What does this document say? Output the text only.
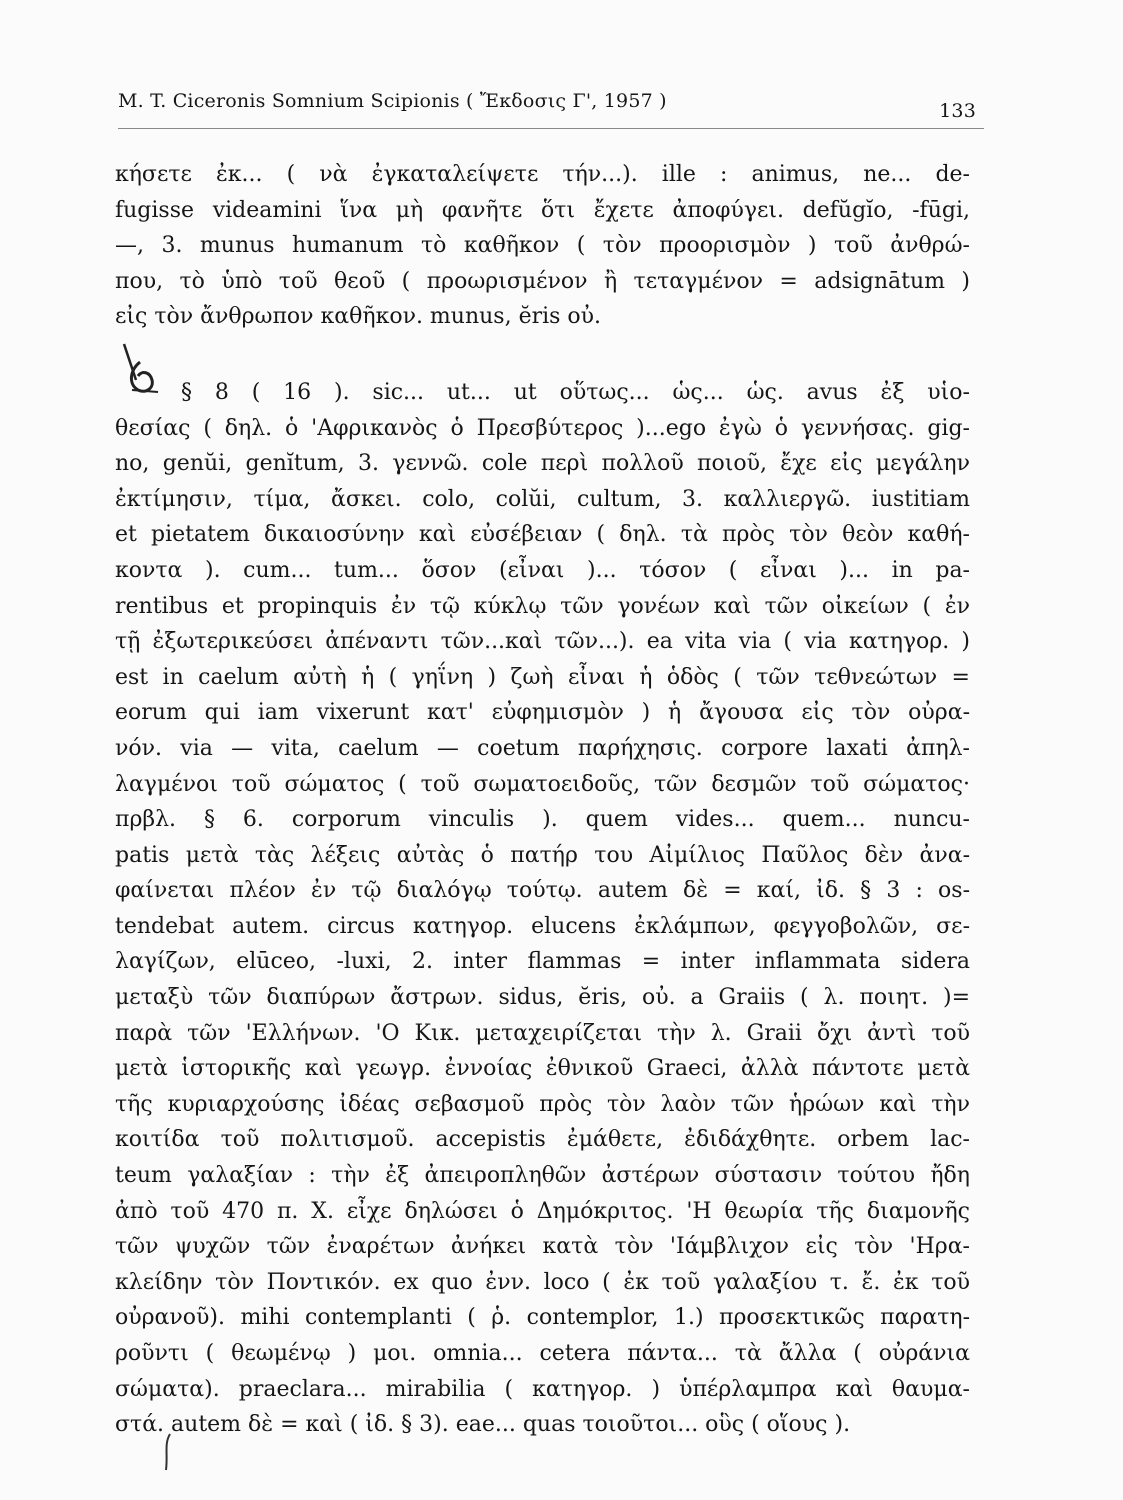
M. T. Ciceronis Somnium Scipionis ( Ἔκδοσις Γ', 1957 )	133
κήσετε ἐκ... ( νὰ ἐγκαταλείψετε τήν...). ille : animus, ne... de-
fugisse videamini ἵνα μὴ φανῆτε ὅτι ἔχετε ἀποφύγει. defŭgĭo, -fūgi,
—, 3. munus humanum τὸ καθῆκον ( τὸν προορισμὸν ) τοῦ ἀνθρώ-
που, τὸ ὑπὸ τοῦ θεοῦ ( προωρισμένον ἢ τεταγμένον = adsignātum )
εἰς τὸν ἄνθρωπον καθῆκον. munus, ĕris οὐ.
§ 8 ( 16 ). sic... ut... ut οὕτως... ὡς... ὡς. avus ἐξ υἱο-
θεσίας ( δηλ. ὁ 'Αφρικανὸς ὁ Πρεσβύτερος )...ego ἐγὼ ὁ γεννήσας. gig-
no, genŭi, genĭtum, 3. γεννῶ. cole περὶ πολλοῦ ποιοῦ, ἔχε εἰς μεγάλην
ἐκτίμησιν, τίμα, ἄσκει. colo, colŭi, cultum, 3. καλλιεργῶ. iustitiam
et pietatem δικαιοσύνην καὶ εὐσέβειαν ( δηλ. τὰ πρὸς τὸν θεὸν καθή-
κοντα ). cum... tum... ὅσον (εἶναι )... τόσον ( εἶναι )... in pa-
rentibus et propinquis ἐν τῷ κύκλῳ τῶν γονέων καὶ τῶν οἰκείων ( ἐν
τῇ ἐξωτερικεύσει ἀπέναντι τῶν...καὶ τῶν...). ea vita via ( via κατηγορ. )
est in caelum αὐτὴ ἡ ( γηΐνη ) ζωὴ εἶναι ἡ ὁδὸς ( τῶν τεθνεώτων =
eorum qui iam vixerunt κατ' εὐφημισμὸν ) ἡ ἄγουσα εἰς τὸν οὐρα-
νόν. via — vita, caelum — coetum παρήχησις. corpore laxati ἀπηλ-
λαγμένοι τοῦ σώματος ( τοῦ σωματοειδοῦς, τῶν δεσμῶν τοῦ σώματος·
πρβλ. § 6. corporum vinculis ). quem vides... quem... nuncu-
patis μετὰ τὰς λέξεις αὐτὰς ὁ πατήρ του Αἰμίλιος Παῦλος δὲν ἀνα-
φαίνεται πλέον ἐν τῷ διαλόγῳ τούτῳ. autem δὲ = καί, ἰδ. § 3 : os-
tendebat autem. circus κατηγορ. elucens ἐκλάμπων, φεγγοβολῶν, σε-
λαγίζων, elūceo, -luxi, 2. inter flammas = inter inflammata sidera
μεταξὺ τῶν διαπύρων ἄστρων. sidus, ĕris, οὐ. a Graiis ( λ. ποιητ. )=
παρὰ τῶν 'Ελλήνων. 'Ο Κικ. μεταχειρίζεται τὴν λ. Graii ὄχι ἀντὶ τοῦ
μετὰ ἱστορικῆς καὶ γεωγρ. ἐννοίας ἐθνικοῦ Graeci, ἀλλὰ πάντοτε μετὰ
τῆς κυριαρχούσης ἰδέας σεβασμοῦ πρὸς τὸν λαὸν τῶν ἡρώων καὶ τὴν
κοιτίδα τοῦ πολιτισμοῦ. accepistis ἐμάθετε, ἐδιδάχθητε. orbem lac-
teum γαλαξίαν : τὴν ἐξ ἀπειροπληθῶν ἀστέρων σύστασιν τούτου ἤδη
ἀπὸ τοῦ 470 π. Χ. εἶχε δηλώσει ὁ Δημόκριτος. 'Η θεωρία τῆς διαμονῆς
τῶν ψυχῶν τῶν ἐναρέτων ἀνήκει κατὰ τὸν 'Ιάμβλιχον εἰς τὸν 'Ηρα-
κλείδην τὸν Ποντικόν. ex quo ἐνν. loco ( ἐκ τοῦ γαλαξίου τ. ἔ. ἐκ τοῦ
οὐρανοῦ). mihi contemplanti ( ῥ. contemplor, 1.) προσεκτικῶς παρατη-
ροῦντι ( θεωμένῳ ) μοι. omnia... cetera πάντα... τὰ ἄλλα ( οὐράνια
σώματα). praeclara... mirabilia ( κατηγορ. ) ὑπέρλαμπρα καὶ θαυμα-
στά. autem δὲ = καὶ ( ἰδ. § 3). eae... quas τοιοῦτοι... οὓς ( οἵους ).
